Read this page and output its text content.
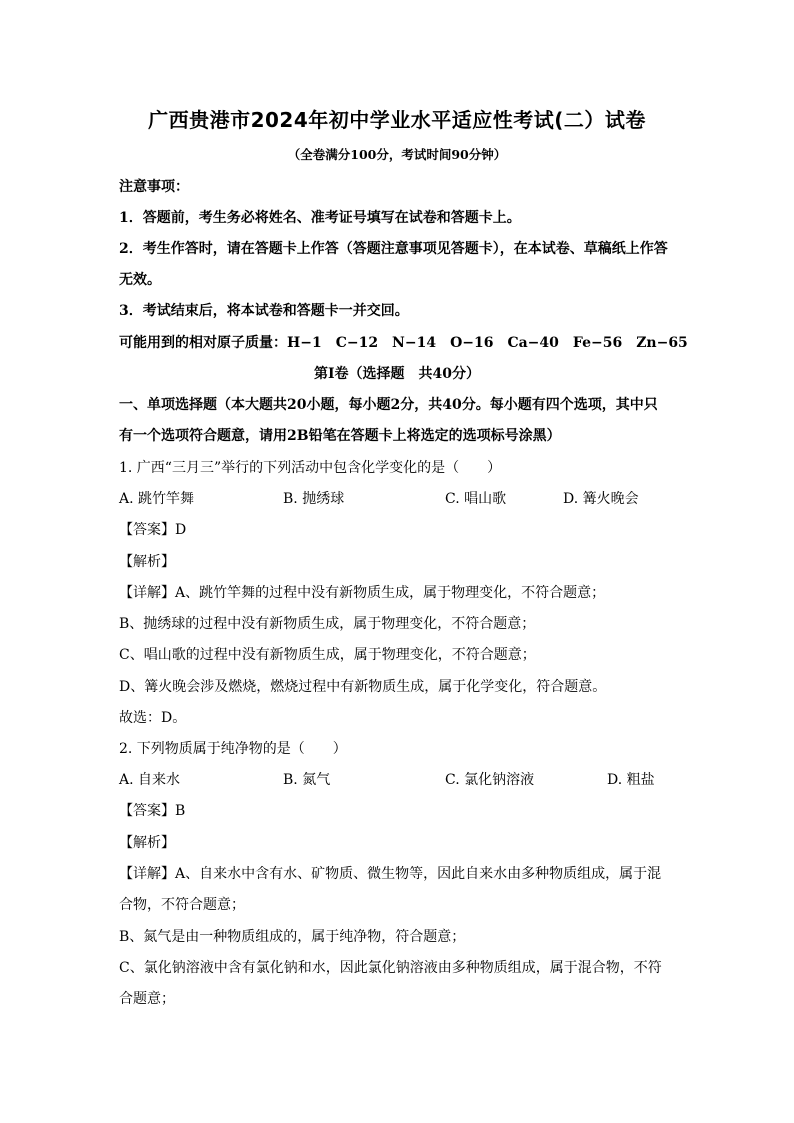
广西贵港市2024年初中学业水平适应性考试(二）试卷
（全卷满分100分，考试时间90分钟）
注意事项：
1．答题前，考生务必将姓名、准考证号填写在试卷和答题卡上。
2．考生作答时，请在答题卡上作答（答题注意事项见答题卡），在本试卷、草稿纸上作答
无效。
3．考试结束后，将本试卷和答题卡一并交回。
可能用到的相对原子质量：H−1　C−12　N−14　O−16　Ca−40　Fe−56　Zn−65
第Ⅰ卷（选择题　共40分）
一、单项选择题（本大题共20小题，每小题2分，共40分。每小题有四个选项，其中只
有一个选项符合题意，请用2B铅笔在答题卡上将选定的选项标号涂黑）
1. 广西“三月三”举行的下列活动中包含化学变化的是（　　）
A. 跳竹竿舞	B. 抛绣球	C. 唱山歌	D. 篝火晚会
【答案】D
【解析】
【详解】A、跳竹竿舞的过程中没有新物质生成，属于物理变化，不符合题意；
B、抛绣球的过程中没有新物质生成，属于物理变化，不符合题意；
C、唱山歌的过程中没有新物质生成，属于物理变化，不符合题意；
D、篝火晚会涉及燃烧，燃烧过程中有新物质生成，属于化学变化，符合题意。
故选：D。
2. 下列物质属于纯净物的是（　　）
A. 自来水	B. 氮气	C. 氯化钠溶液	D. 粗盐
【答案】B
【解析】
【详解】A、自来水中含有水、矿物质、微生物等，因此自来水由多种物质组成，属于混
合物，不符合题意；
B、氮气是由一种物质组成的，属于纯净物，符合题意；
C、氯化钠溶液中含有氯化钠和水，因此氯化钠溶液由多种物质组成，属于混合物，不符
合题意；
